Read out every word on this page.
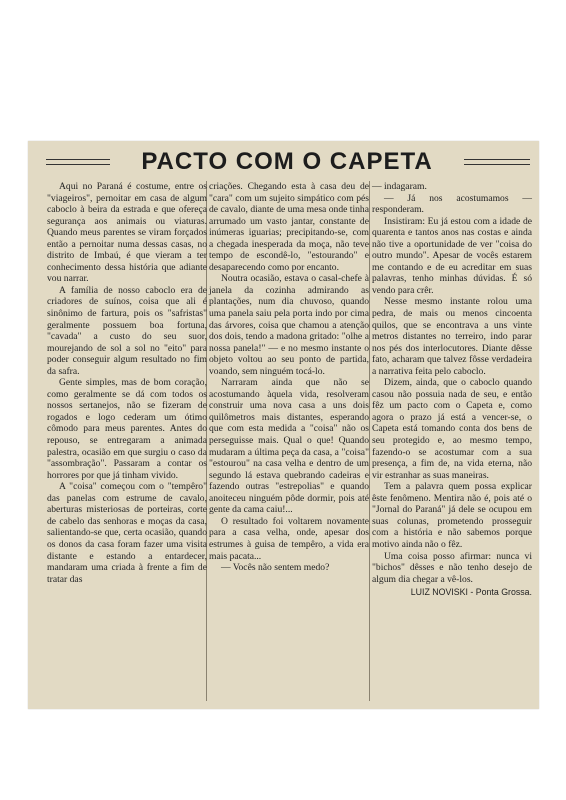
PACTO COM O CAPETA

Aqui no Paraná é costume, entre os "viageiros", pernoitar em casa de algum caboclo à beira da estrada e que ofereça segurança aos animais ou viaturas. Quando meus parentes se viram forçados então a pernoitar numa dessas casas, no distrito de Imbaú, é que vieram a ter conhecimento dessa história que adiante vou narrar.

A família de nosso caboclo era de criadores de suínos, coisa que ali é sinônimo de fartura, pois os "safristas" geralmente possuem boa fortuna, "cavada" a custo do seu suor, mourejando de sol a sol no "eito" para poder conseguir algum resultado no fim da safra.

Gente simples, mas de bom coração, como geralmente se dá com todos os nossos sertanejos, não se fizeram de rogados e logo cederam um ótimo cômodo para meus parentes. Antes do repouso, se entregaram a animada palestra, ocasião em que surgiu o caso da "assombração". Passaram a contar os horrores por que já tinham vivido.

A "coisa" começou com o "tempêro" das panelas com estrume de cavalo, aberturas misteriosas de porteiras, corte de cabelo das senhoras e moças da casa, salientando-se que, certa ocasião, quando os donos da casa foram fazer uma visita distante e estando a entardecer, mandaram uma criada à frente a fim de tratar das

criações. Chegando esta à casa deu de "cara" com um sujeito simpático com pés de cavalo, diante de uma mesa onde tinha arrumado um vasto jantar, constante de inúmeras iguarias; precipitando-se, com a chegada inesperada da moça, não teve tempo de escondê-lo, "estourando" e desaparecendo como por encanto.

Noutra ocasião, estava o casal-chefe à janela da cozinha admirando as plantações, num dia chuvoso, quando uma panela saiu pela porta indo por cima das árvores, coisa que chamou a atenção dos dois, tendo a madona gritado: "olhe a nossa panela!" — e no mesmo instante o objeto voltou ao seu ponto de partida, voando, sem ninguém tocá-lo.

Narraram ainda que não se acostumando àquela vida, resolveram construir uma nova casa a uns dois quilômetros mais distantes, esperando que com esta medida a "coisa" não os perseguisse mais. Qual o que! Quando mudaram a última peça da casa, a "coisa" "estourou" na casa velha e dentro de um segundo lá estava quebrando cadeiras e fazendo outras "estrepolias" e quando anoiteceu ninguém pôde dormir, pois até gente da cama caiu!...

O resultado foi voltarem novamente para a casa velha, onde, apesar dos estrumes à guisa de tempêro, a vida era mais pacata...

— Vocês não sentem medo?

— indagaram.

— Já nos acostumamos — responderam.

Insistiram: Eu já estou com a idade de quarenta e tantos anos nas costas e ainda não tive a oportunidade de ver "coisa do outro mundo". Apesar de vocês estarem me contando e de eu acreditar em suas palavras, tenho minhas dúvidas. É só vendo para crêr.

Nesse mesmo instante rolou uma pedra, de mais ou menos cincoenta quilos, que se encontrava a uns vinte metros distantes no terreiro, indo parar nos pés dos interlocutores. Diante dêsse fato, acharam que talvez fôsse verdadeira a narrativa feita pelo caboclo.

Dizem, ainda, que o caboclo quando casou não possuia nada de seu, e então fêz um pacto com o Capeta e, como agora o prazo já está a vencer-se, o Capeta está tomando conta dos bens de seu protegido e, ao mesmo tempo, fazendo-o se acostumar com a sua presença, a fim de, na vida eterna, não vir estranhar as suas maneiras.

Tem a palavra quem possa explicar êste fenômeno. Mentira não é, pois até o "Jornal do Paraná" já dele se ocupou em suas colunas, prometendo prosseguir com a história e não sabemos porque motivo ainda não o fêz.

Uma coisa posso afirmar: nunca vi "bichos" dêsses e não tenho desejo de algum dia chegar a vê-los.

LUIZ NOVISKI - Ponta Grossa.
